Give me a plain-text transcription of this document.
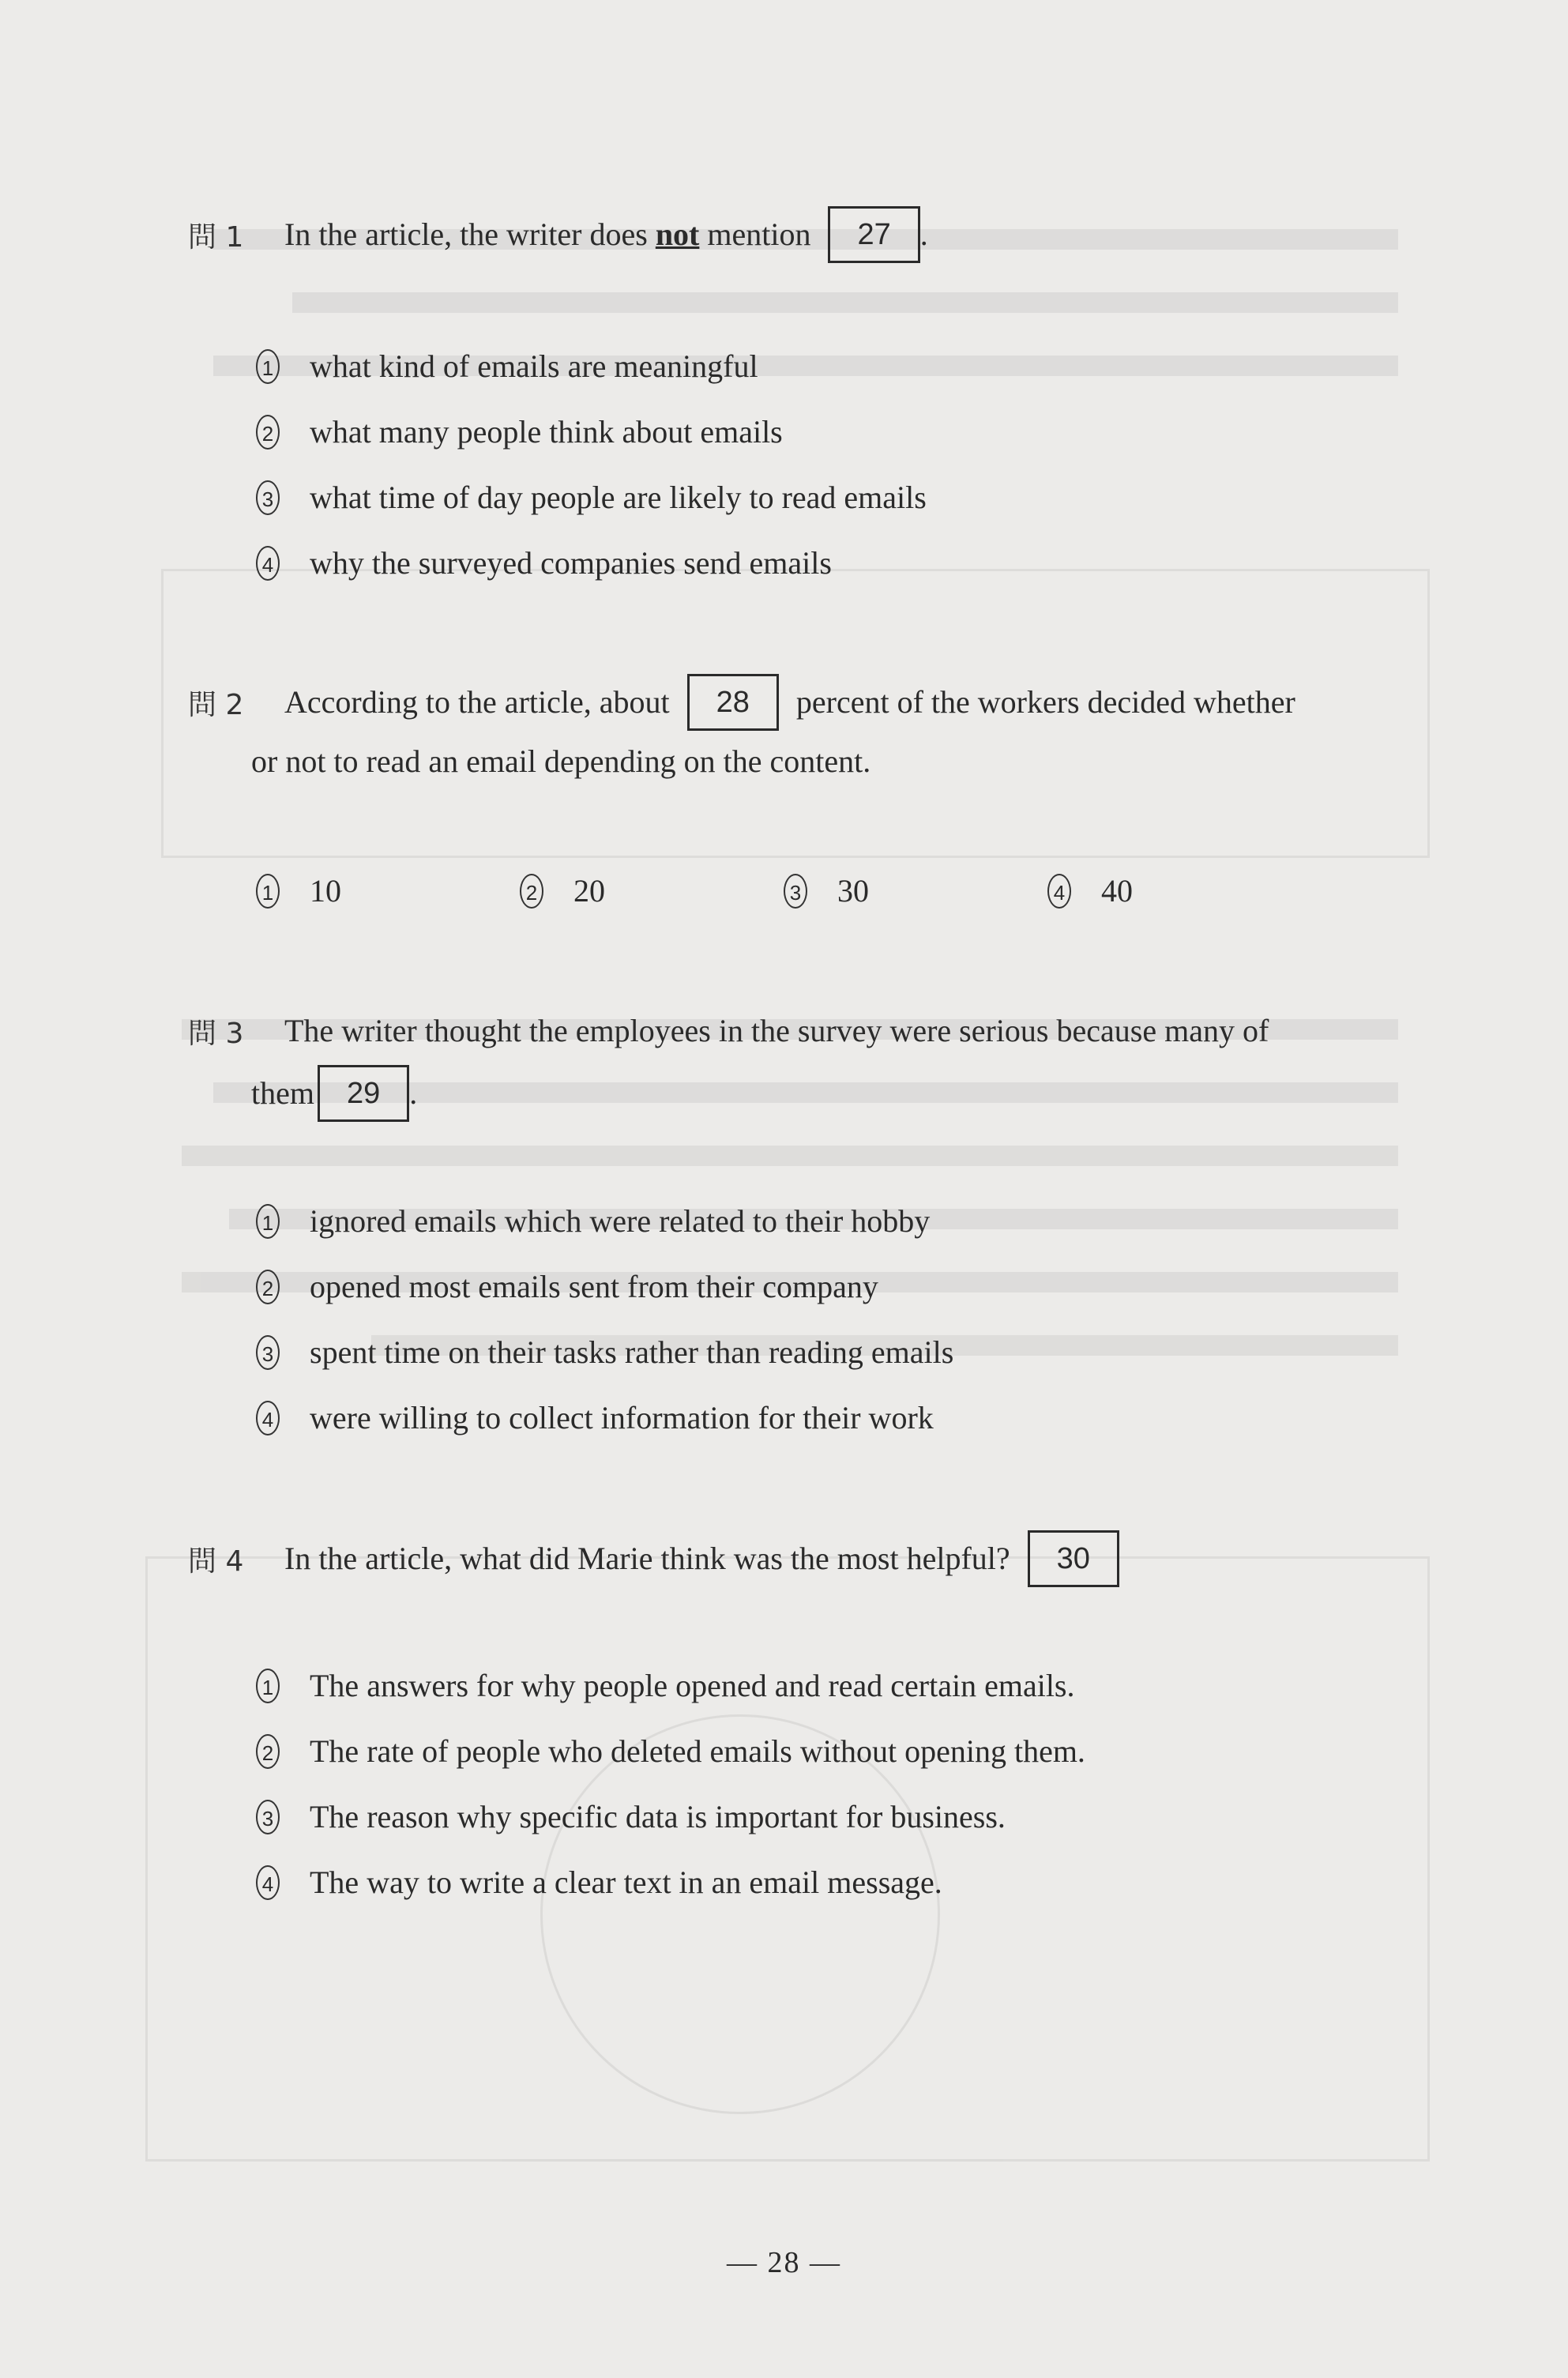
問 1 In the article, the writer does not mention 27 .
1 what kind of emails are meaningful
2 what many people think about emails
3 what time of day people are likely to read emails
4 why the surveyed companies send emails
問 2 According to the article, about 28 percent of the workers decided whether
or not to read an email depending on the content.
1 10	2 20	3 30	4 40
問 3 The writer thought the employees in the survey were serious because many of
them 29 .
1 ignored emails which were related to their hobby
2 opened most emails sent from their company
3 spent time on their tasks rather than reading emails
4 were willing to collect information for their work
問 4 In the article, what did Marie think was the most helpful? 30
1 The answers for why people opened and read certain emails.
2 The rate of people who deleted emails without opening them.
3 The reason why specific data is important for business.
4 The way to write a clear text in an email message.
— 28 —
